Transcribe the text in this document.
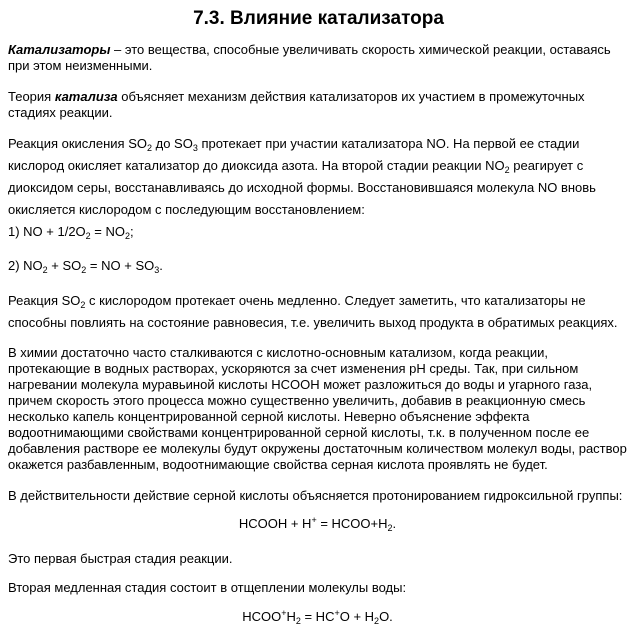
7.3. Влияние катализатора

Катализаторы – это вещества, способные увеличивать скорость химической реакции, оставаясь при этом неизменными.

Теория катализа объясняет механизм действия катализаторов их участием в промежуточных стадиях реакции.

Реакция окисления $SO_2$ до $SO_3$ протекает при участии катализатора NO. На первой ее стадии кислород окисляет катализатор до диоксида азота. На второй стадии реакции $NO_2$ реагирует с диоксидом серы, восстанавливаясь до исходной формы. Восстановившаяся молекула NO вновь окисляется кислородом с последующим восстановлением:

1) NO + $1/2O_2 = NO_2$;

2) $NO_2 + SO_2$ = NO + $SO_3$.

Реакция $SO_2$ с кислородом протекает очень медленно. Следует заметить, что катализаторы не способны повлиять на состояние равновесия, т.е. увеличить выход продукта в обратимых реакциях.

В химии достаточно часто сталкиваются с кислотно-основным катализом, когда реакции, протекающие в водных растворах, ускоряются за счет изменения pH среды. Так, при сильном нагревании молекула муравьиной кислоты HCOOH может разложиться до воды и угарного газа, причем скорость этого процесса можно существенно увеличить, добавив в реакционную смесь несколько капель концентрированной серной кислоты. Неверно объяснение эффекта водоотнимающими свойствами концентрированной серной кислоты, т.к. в полученном после ее добавления растворе ее молекулы будут окружены достаточным количеством молекул воды, раствор окажется разбавленным, водоотнимающие свойства серная кислота проявлять не будет.

В действительности действие серной кислоты объясняется протонированием гидроксильной группы:

HCOOH + $H^+ = HCOO+H_2$.

Это первая быстрая стадия реакции.

Вторая медленная стадия состоит в отщеплении молекулы воды:

$HCOO^+H_2 = HC^+O + H_2O$.
